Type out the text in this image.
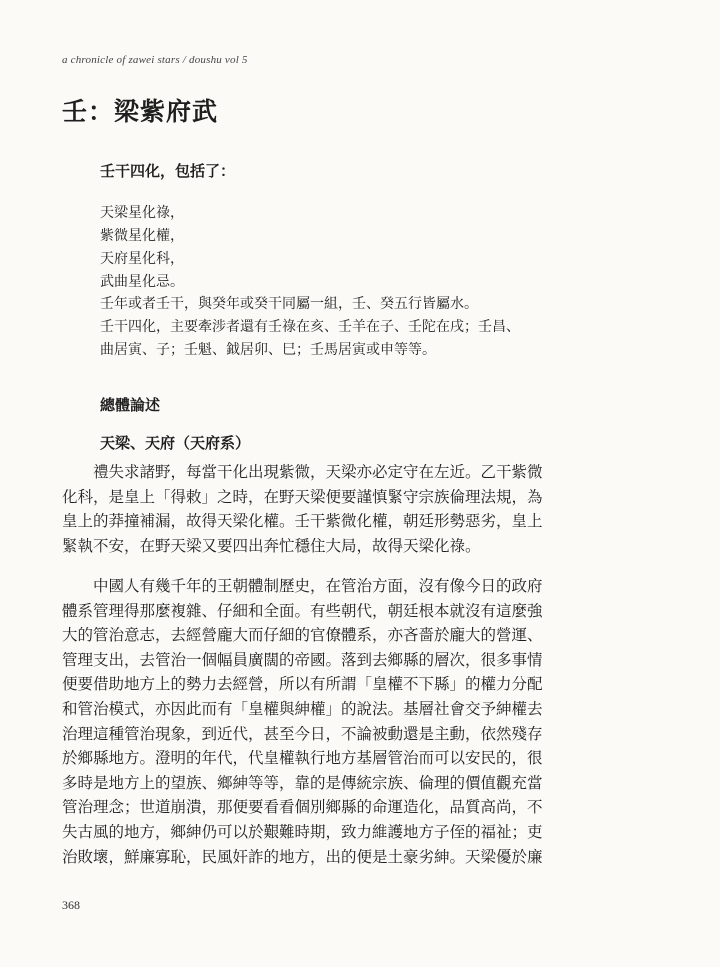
a chronicle of zawei stars / doushu vol 5
壬：梁紫府武
壬干四化，包括了：
天梁星化祿，
紫微星化權，
天府星化科，
武曲星化忌。
壬年或者壬干，與癸年或癸干同屬一組，壬、癸五行皆屬水。
壬干四化，主要牽涉者還有壬祿在亥、壬羊在子、壬陀在戌；壬昌、
曲居寅、子；壬魁、鉞居卯、巳；壬馬居寅或申等等。
總體論述
天梁、天府（天府系）
　　禮失求諸野，每當干化出現紫微，天梁亦必定守在左近。乙干紫微
化科，是皇上「得敕」之時，在野天梁便要謹慎緊守宗族倫理法規，為
皇上的莽撞補漏，故得天梁化權。壬干紫微化權，朝廷形勢惡劣，皇上
緊執不安，在野天梁又要四出奔忙穩住大局，故得天梁化祿。
　　中國人有幾千年的王朝體制歷史，在管治方面，沒有像今日的政府
體系管理得那麼複雜、仔細和全面。有些朝代，朝廷根本就沒有這麼強
大的管治意志，去經營龐大而仔細的官僚體系，亦吝嗇於龐大的營運、
管理支出，去管治一個幅員廣闊的帝國。落到去鄉縣的層次，很多事情
便要借助地方上的勢力去經營，所以有所謂「皇權不下縣」的權力分配
和管治模式，亦因此而有「皇權與紳權」的說法。基層社會交予紳權去
治理這種管治現象，到近代，甚至今日，不論被動還是主動，依然殘存
於鄉縣地方。澄明的年代，代皇權執行地方基層管治而可以安民的，很
多時是地方上的望族、鄉紳等等，靠的是傳統宗族、倫理的價值觀充當
管治理念；世道崩潰，那便要看看個別鄉縣的命運造化，品質高尚，不
失古風的地方，鄉紳仍可以於艱難時期，致力維護地方子侄的福祉；吏
治敗壞，鮮廉寡恥，民風奸詐的地方，出的便是土豪劣紳。天梁優於廉
368
